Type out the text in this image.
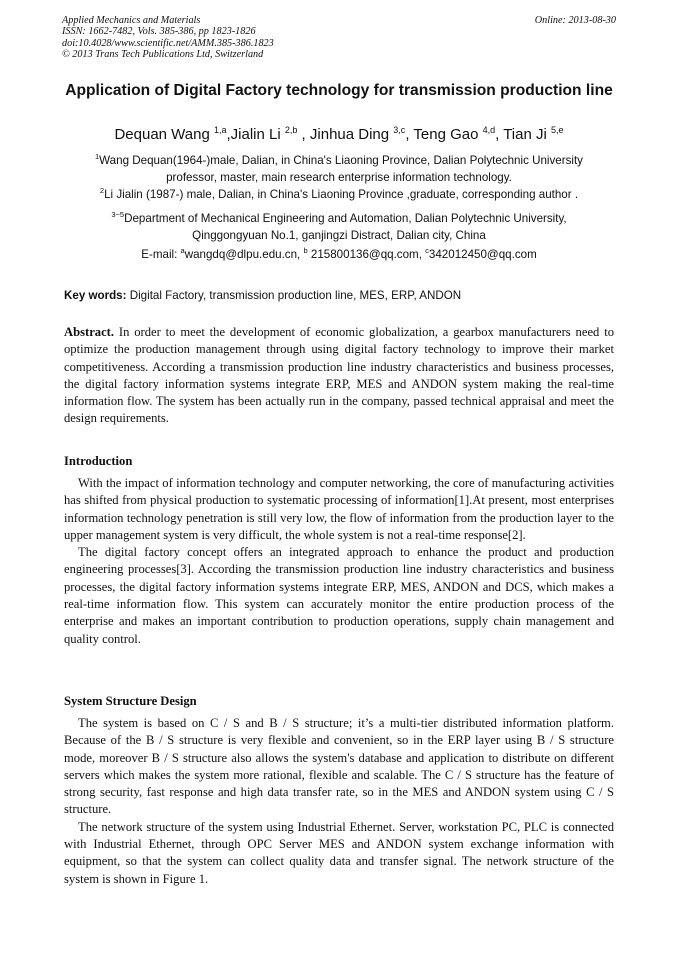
Applied Mechanics and Materials
ISSN: 1662-7482, Vols. 385-386, pp 1823-1826
doi:10.4028/www.scientific.net/AMM.385-386.1823
© 2013 Trans Tech Publications Ltd, Switzerland
Online: 2013-08-30
Application of Digital Factory technology for transmission production line
Dequan Wang $^{1,a}$,Jialin Li $^{2,b}$ , Jinhua Ding $^{3,c}$, Teng Gao $^{4,d}$, Tian Ji $^{5,e}$
$^1$Wang Dequan(1964-)male, Dalian, in China's Liaoning Province, Dalian Polytechnic University
professor, master, main research enterprise information technology.
$^2$Li Jialin (1987-) male, Dalian, in China's Liaoning Province ,graduate, corresponding author .
$^{3\sim 5}$Department of Mechanical Engineering and Automation, Dalian Polytechnic University,
Qinggongyuan No.1, ganjingzi Distract, Dalian city, China
E-mail: $^a$wangdq@dlpu.edu.cn, $^b$ 215800136@qq.com, $^c$342012450@qq.com
Key words: Digital Factory, transmission production line, MES, ERP, ANDON

Abstract. In order to meet the development of economic globalization, a gearbox manufacturers need to optimize the production management through using digital factory technology to improve their market competitiveness. According a transmission production line industry characteristics and business processes, the digital factory information systems integrate ERP, MES and ANDON system making the real-time information flow. The system has been actually run in the company, passed technical appraisal and meet the design requirements.

Introduction

With the impact of information technology and computer networking, the core of manufacturing activities has shifted from physical production to systematic processing of information[1].At present, most enterprises information technology penetration is still very low, the flow of information from the production layer to the upper management system is very difficult, the whole system is not a real-time response[2].

The digital factory concept offers an integrated approach to enhance the product and production engineering processes[3]. According the transmission production line industry characteristics and business processes, the digital factory information systems integrate ERP, MES, ANDON and DCS, which makes a real-time information flow. This system can accurately monitor the entire production process of the enterprise and makes an important contribution to production operations, supply chain management and quality control.

System Structure Design

The system is based on C / S and B / S structure; it’s a multi-tier distributed information platform. Because of the B / S structure is very flexible and convenient, so in the ERP layer using B / S structure mode, moreover B / S structure also allows the system's database and application to distribute on different servers which makes the system more rational, flexible and scalable. The C / S structure has the feature of strong security, fast response and high data transfer rate, so in the MES and ANDON system using C / S structure.

The network structure of the system using Industrial Ethernet. Server, workstation PC, PLC is connected with Industrial Ethernet, through OPC Server MES and ANDON system exchange information with equipment, so that the system can collect quality data and transfer signal. The network structure of the system is shown in Figure 1.
